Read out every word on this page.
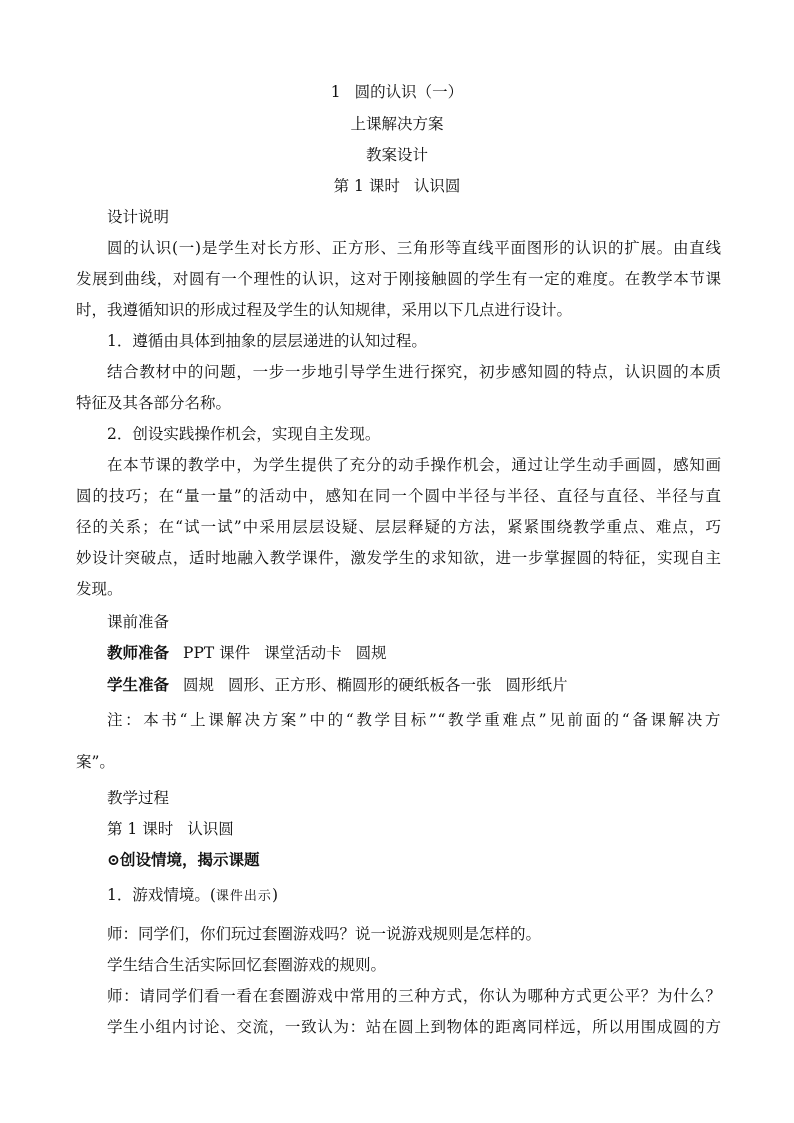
1 圆的认识（一）
上课解决方案
教案设计
第 1 课时 认识圆
设计说明
圆的认识(一)是学生对长方形、正方形、三角形等直线平面图形的认识的扩展。由直线
发展到曲线，对圆有一个理性的认识，这对于刚接触圆的学生有一定的难度。在教学本节课
时，我遵循知识的形成过程及学生的认知规律，采用以下几点进行设计。
1．遵循由具体到抽象的层层递进的认知过程。
结合教材中的问题，一步一步地引导学生进行探究，初步感知圆的特点，认识圆的本质
特征及其各部分名称。
2．创设实践操作机会，实现自主发现。
在本节课的教学中，为学生提供了充分的动手操作机会，通过让学生动手画圆，感知画
圆的技巧；在“量一量”的活动中，感知在同一个圆中半径与半径、直径与直径、半径与直
径的关系；在“试一试”中采用层层设疑、层层释疑的方法，紧紧围绕教学重点、难点，巧
妙设计突破点，适时地融入教学课件，激发学生的求知欲，进一步掌握圆的特征，实现自主
发现。
课前准备
教师准备 PPT 课件 课堂活动卡 圆规
学生准备 圆规 圆形、正方形、椭圆形的硬纸板各一张 圆形纸片
注：本书“上课解决方案”中的“教学目标”“教学重难点”见前面的“备课解决方
案”。
教学过程
第 1 课时 认识圆
⊙创设情境，揭示课题
1．游戏情境。(课件出示)
师：同学们，你们玩过套圈游戏吗？说一说游戏规则是怎样的。
学生结合生活实际回忆套圈游戏的规则。
师：请同学们看一看在套圈游戏中常用的三种方式，你认为哪种方式更公平？为什么？
学生小组内讨论、交流，一致认为：站在圆上到物体的距离同样远，所以用围成圆的方
